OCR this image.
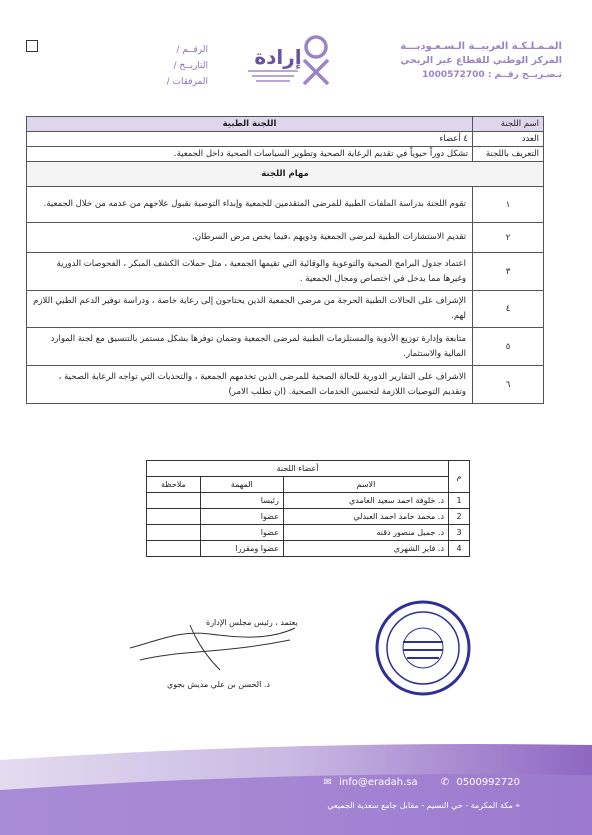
الرقــم /
التاريــخ /
المرفقات /
إرادة	المـمـلـكـة العربيــة الـسـعـوديـــة
المركز الوطني للقطاع غير الربحي
تـصـريــح رقــم : 1000572700
اسم اللجنة	اللجنة الطبية
العدد	٤ أعضاء
التعريف باللجنة	تشكل دوراً حيوياً في تقديم الرعاية الصحية وتطوير السياسات الصحية داخل الجمعية.
مهام اللجنة	
١	تقوم اللجنة بدراسة الملفات الطبية للمرضى المتقدمين للجمعية وإبداء التوصية بقبول علاجهم من عدمه من خلال الجمعية.
٢	تقديم الاستشارات الطبية لمرضى الجمعية وذويهم ،فيما يخص مرض السرطان.
٣	اعتماد جدول البرامج الصحية والتوعوية والوقائية التي تقيمها الجمعية ، مثل حملات الكشف المبكر ، الفحوصات الدورية وغيرها مما يدخل في اختصاص ومجال الجمعية .
٤	الإشراف على الحالات الطبية الحرجة من مرضى الجمعية الذين يحتاجون إلى رعاية خاصة ، ودراسة توفير الدعم الطبي اللازم لهم.
٥	متابعة وإدارة توزيع الأدوية والمستلزمات الطبية لمرضى الجمعية وضمان توفرها بشكل مستمر بالتنسيق مع لجنة الموارد المالية والاستثمار.
٦	الاشراف على التقارير الدورية للحالة الصحية للمرضى الذين تخدمهم الجمعية ، والتحديات التي تواجه الرعاية الصحية ، وتقديم التوصيات اللازمة لتحسين الخدمات الصحية. (ان تطلب الامر)
م	أعضاء اللجنة		
	الاسم	المهمة	ملاحظة
1	د. خلوفة احمد سعيد الغامدي	رئيسا	
2	د. محمد حامد احمد العبدلي	عضوا	
3	د. جميل منصور دقنه	عضوا	
4	د. فايز الشهري	عضوا ومقررا	
يعتمد ، رئيس مجلس الإدارة
د. الحسن بن علي مديش بجوي
✉ info@eradah.sa ✆ 0500992720
⌖ مكة المكرمة - حي النسيم - مقابل جامع سعدية الجميعي
